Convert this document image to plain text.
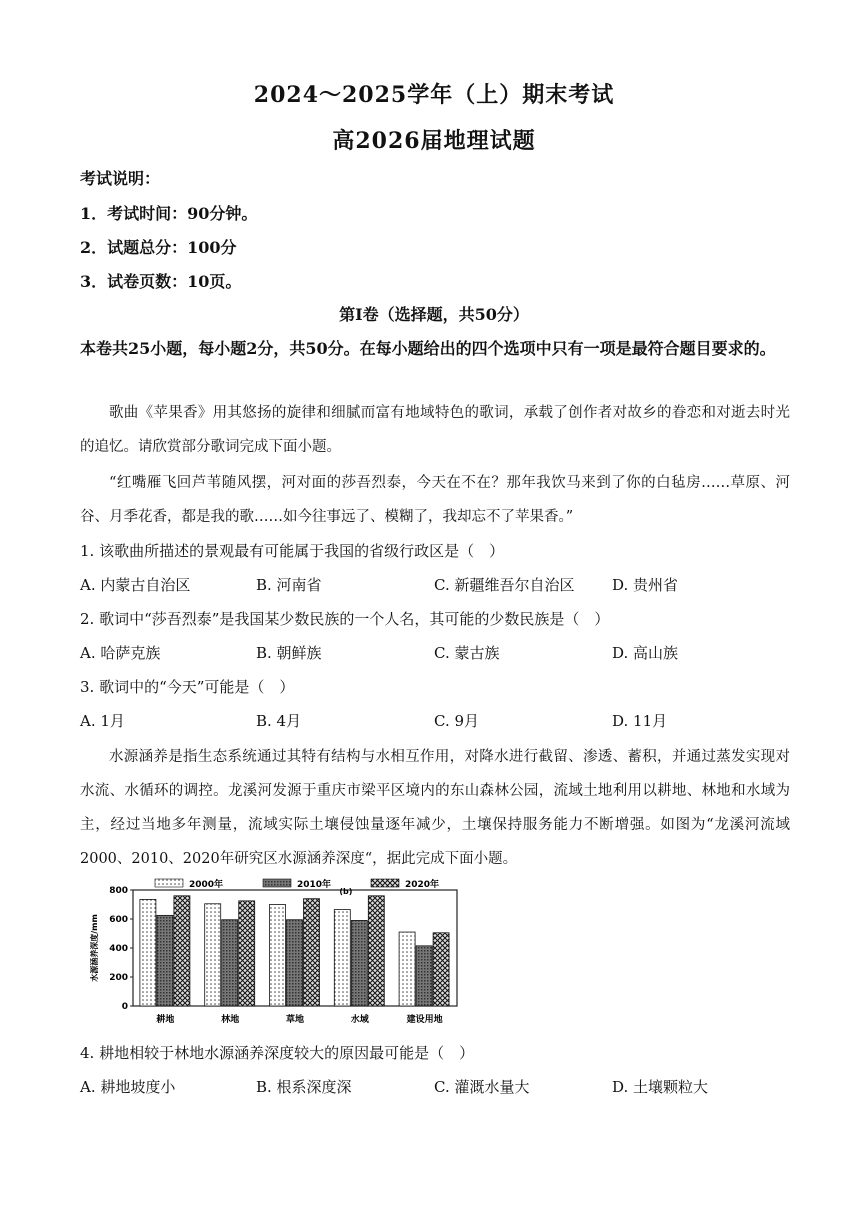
2024～2025学年（上）期末考试
高2026届地理试题
考试说明：
1．考试时间：90分钟。
2．试题总分：100分
3．试卷页数：10页。
第Ⅰ卷（选择题，共50分）
本卷共25小题，每小题2分，共50分。在每小题给出的四个选项中只有一项是最符合题目要求的。
歌曲《苹果香》用其悠扬的旋律和细腻而富有地域特色的歌词，承载了创作者对故乡的眷恋和对逝去时光的追忆。请欣赏部分歌词完成下面小题。
“红嘴雁飞回芦苇随风摆，河对面的莎吾烈泰，今天在不在？那年我饮马来到了你的白毡房……草原、河谷、月季花香，都是我的歌……如今往事远了、模糊了，我却忘不了苹果香。”
1. 该歌曲所描述的景观最有可能属于我国的省级行政区是（　）
A. 内蒙古自治区	B. 河南省	C. 新疆维吾尔自治区	D. 贵州省
2. 歌词中“莎吾烈泰”是我国某少数民族的一个人名，其可能的少数民族是（　）
A. 哈萨克族	B. 朝鲜族	C. 蒙古族	D. 高山族
3. 歌词中的“今天”可能是（　）
A. 1月	B. 4月	C. 9月	D. 11月
水源涵养是指生态系统通过其特有结构与水相互作用，对降水进行截留、渗透、蓄积，并通过蒸发实现对水流、水循环的调控。龙溪河发源于重庆市梁平区境内的东山森林公园，流域土地利用以耕地、林地和水域为主，经过当地多年测量，流域实际土壤侵蚀量逐年减少，土壤保持服务能力不断增强。如图为“龙溪河流域2000、2010、2020年研究区水源涵养深度“，据此完成下面小题。
0
200
400
600
800
耕地	林地	草地	水域	建设用地
2000年	2010年	2020年
(b)
水源涵养深度/mm
4. 耕地相较于林地水源涵养深度较大的原因最可能是（　）
A. 耕地坡度小	B. 根系深度深	C. 灌溉水量大	D. 土壤颗粒大
